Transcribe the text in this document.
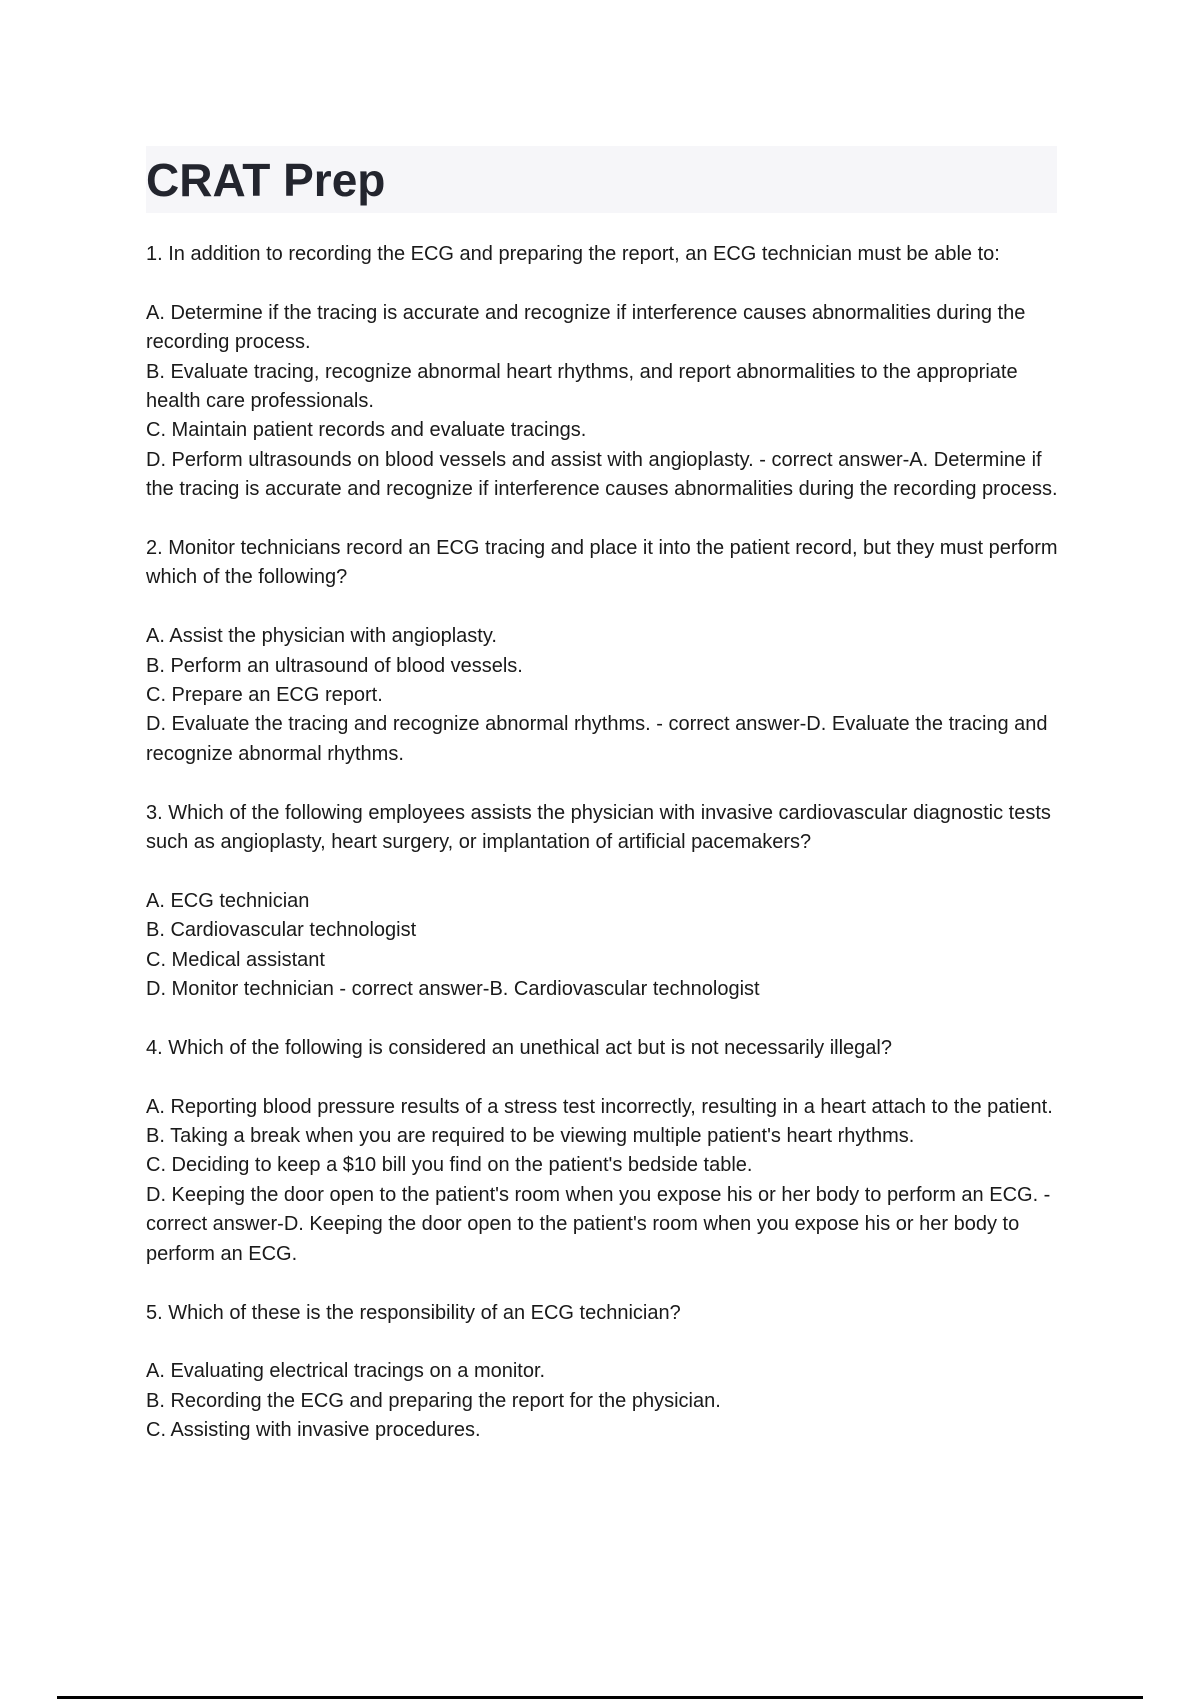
CRAT Prep

1. In addition to recording the ECG and preparing the report, an ECG technician must be able to:

A. Determine if the tracing is accurate and recognize if interference causes abnormalities during the recording process.

B. Evaluate tracing, recognize abnormal heart rhythms, and report abnormalities to the appropriate health care professionals.

C. Maintain patient records and evaluate tracings.

D. Perform ultrasounds on blood vessels and assist with angioplasty. - correct answer-A. Determine if the tracing is accurate and recognize if interference causes abnormalities during the recording process.

2. Monitor technicians record an ECG tracing and place it into the patient record, but they must perform which of the following?

A. Assist the physician with angioplasty.

B. Perform an ultrasound of blood vessels.

C. Prepare an ECG report.

D. Evaluate the tracing and recognize abnormal rhythms. - correct answer-D. Evaluate the tracing and recognize abnormal rhythms.

3. Which of the following employees assists the physician with invasive cardiovascular diagnostic tests such as angioplasty, heart surgery, or implantation of artificial pacemakers?

A. ECG technician

B. Cardiovascular technologist

C. Medical assistant

D. Monitor technician - correct answer-B. Cardiovascular technologist

4. Which of the following is considered an unethical act but is not necessarily illegal?

A. Reporting blood pressure results of a stress test incorrectly, resulting in a heart attach to the patient.

B. Taking a break when you are required to be viewing multiple patient's heart rhythms.

C. Deciding to keep a $10 bill you find on the patient's bedside table.

D. Keeping the door open to the patient's room when you expose his or her body to perform an ECG. - correct answer-D. Keeping the door open to the patient's room when you expose his or her body to perform an ECG.

5. Which of these is the responsibility of an ECG technician?

A. Evaluating electrical tracings on a monitor.

B. Recording the ECG and preparing the report for the physician.

C. Assisting with invasive procedures.
